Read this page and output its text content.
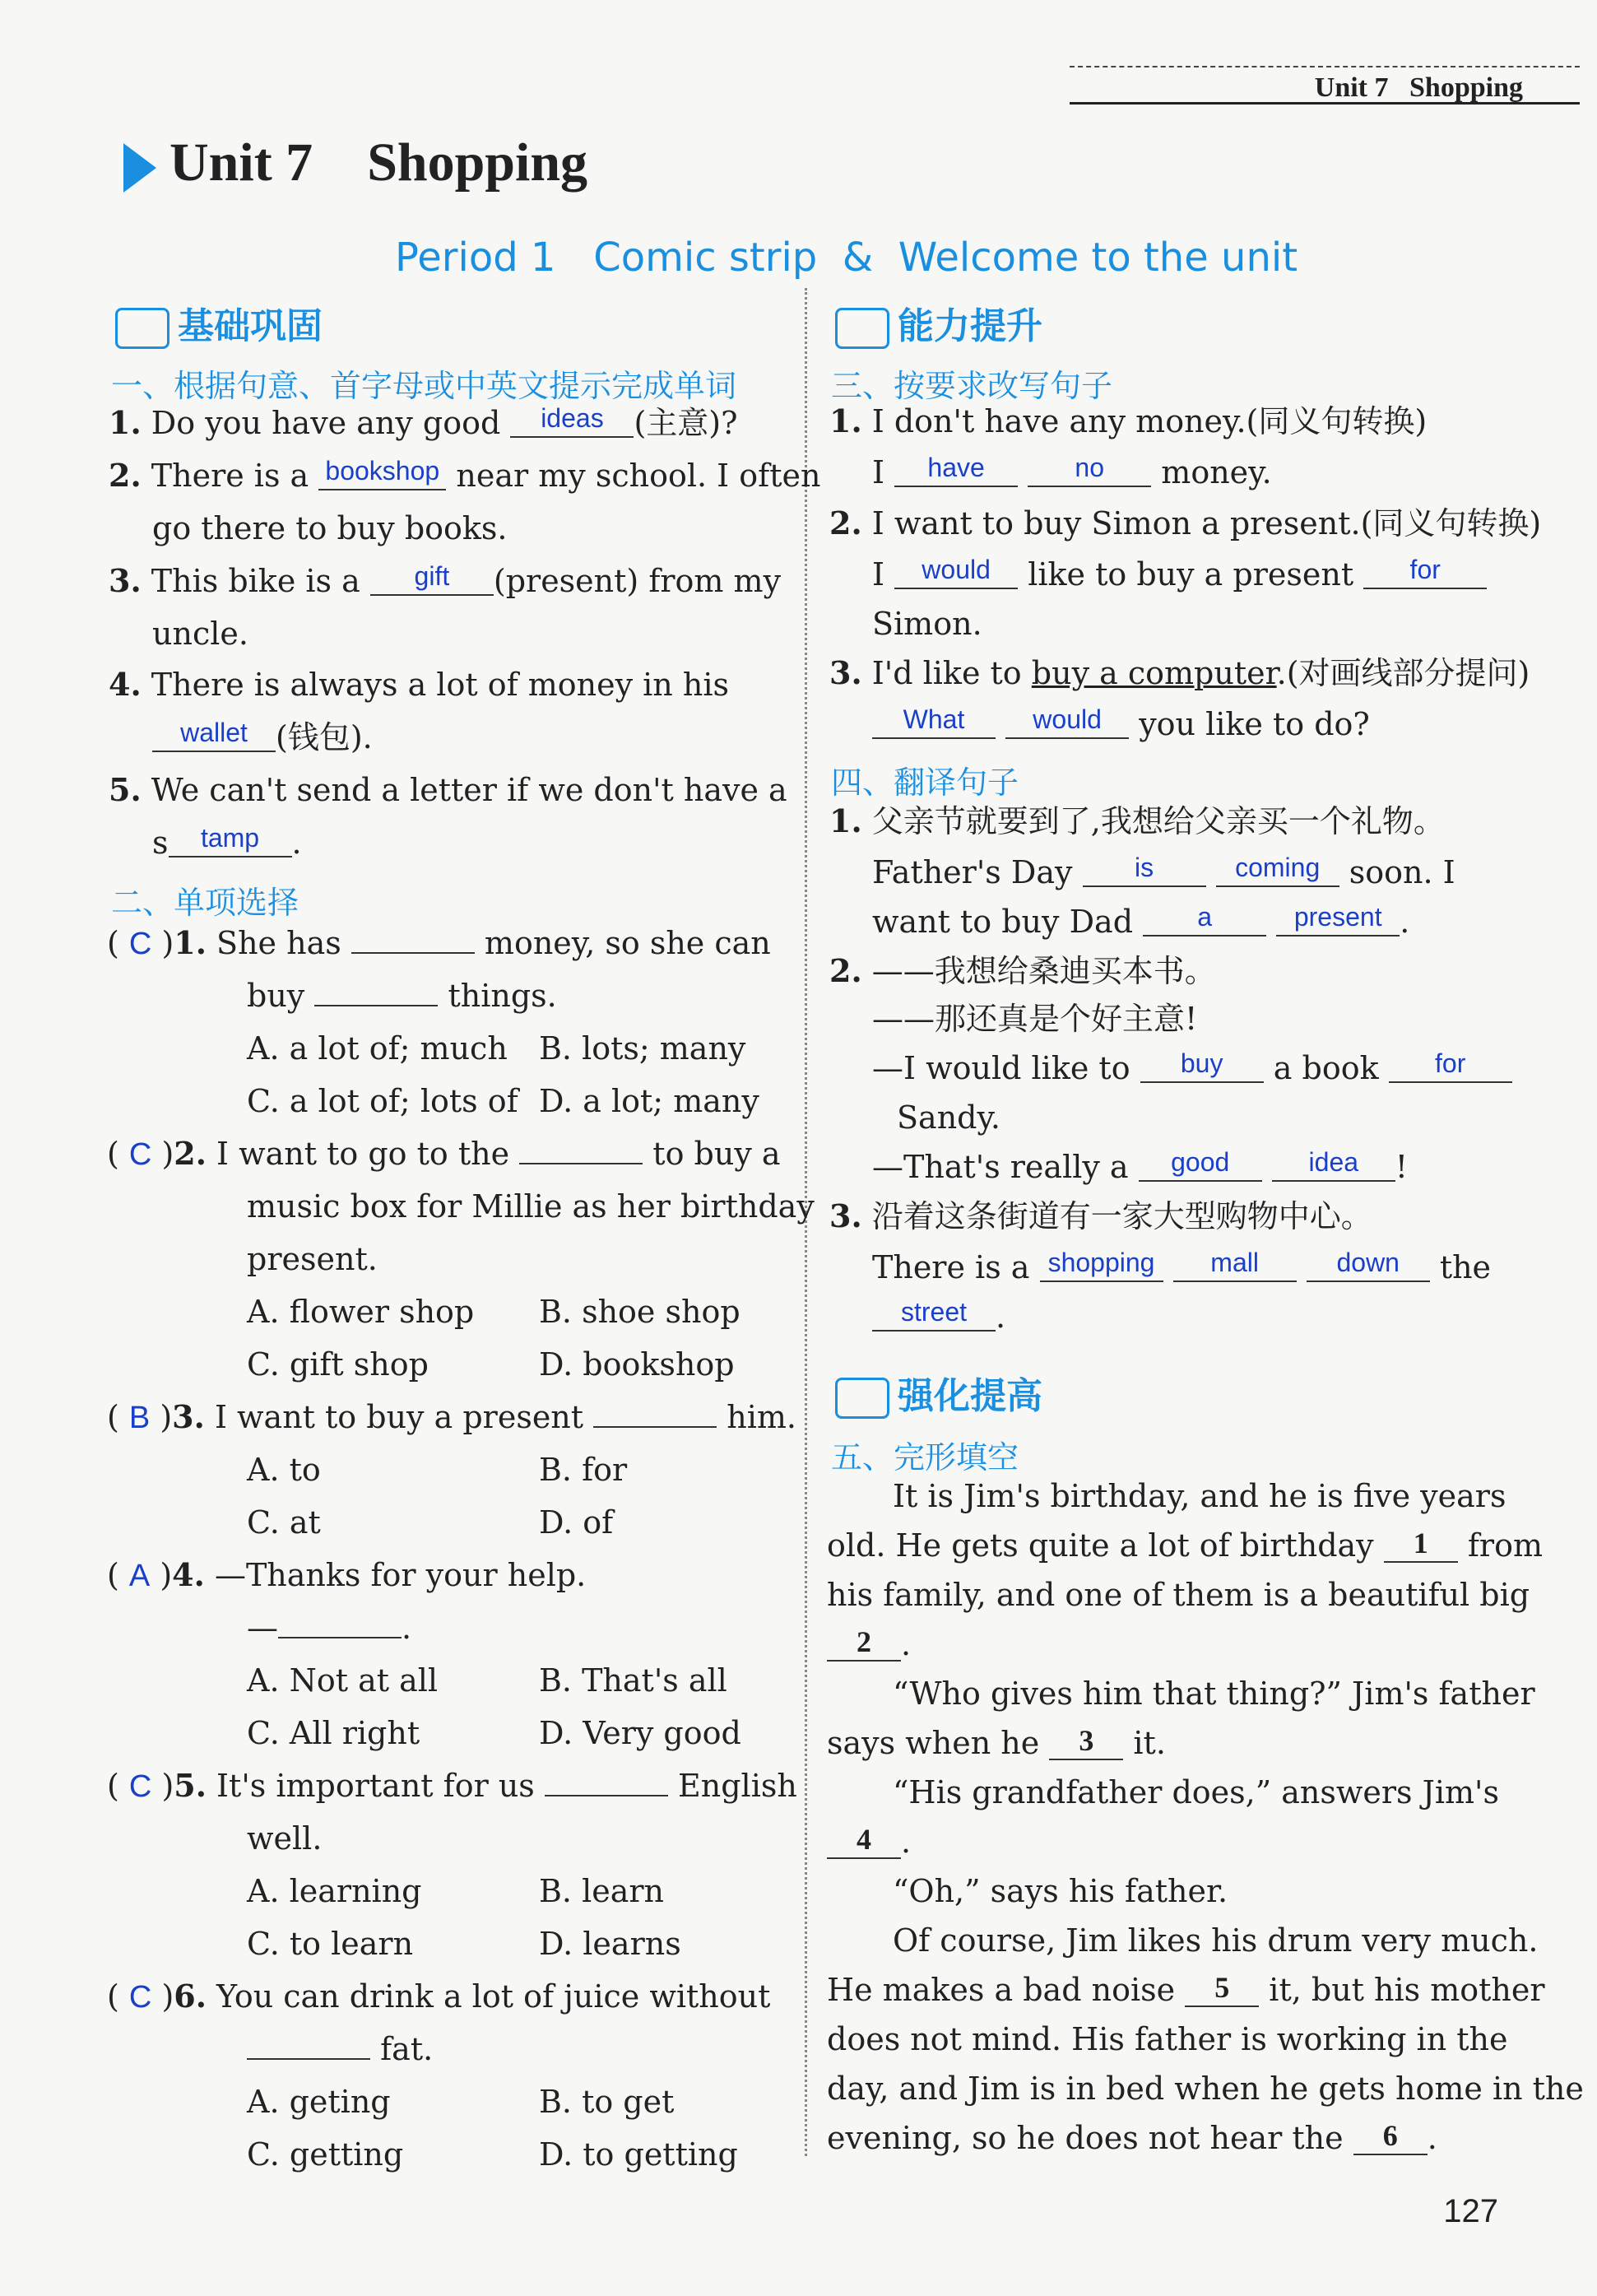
Unit 7 Shopping
Unit 7 Shopping
Period 1 Comic strip & Welcome to the unit
基础巩固
一、根据句意、首字母或中英文提示完成单词
1. Do you have any good ideas (主意)?
2. There is a bookshop near my school. I often
go there to buy books.
3. This bike is a gift (present) from my
uncle.
4. There is always a lot of money in his
wallet (钱包).
5. We can't send a letter if we don't have a
s tamp .
二、单项选择
( C )1. She has	money, so she can
buy	things.
A. a lot of; much B. lots; many
C. a lot of; lots of D. a lot; many
( C )2. I want to go to the	to buy a
music box for Millie as her birthday
present.
A. flower shop B. shoe shop
C. gift shop	D. bookshop
( B )3. I want to buy a present	him.
A. to	B. for
C. at	D. of
( A )4. —Thanks for your help.
—	.
A. Not at all	B. That's all
C. All right	D. Very good
( C )5. It's important for us	English
well.
A. learning	B. learn
C. to learn	D. learns
( C )6. You can drink a lot of juice without
fat.
A. geting	B. to get
C. getting	D. to getting
能力提升
三、按要求改写句子
1. I don't have any money.(同义句转换)
I have	no money.
2. I want to buy Simon a present.(同义句转换)
I would like to buy a present for
Simon.
3. I'd like to buy a computer.(对画线部分提问)
What	would you like to do?
四、翻译句子
1. 父亲节就要到了,我想给父亲买一个礼物。
Father's Day is	coming soon. I
want to buy Dad a	present .
2. ——我想给桑迪买本书。
——那还真是个好主意!
—I would like to buy a book for
Sandy.
—That's really a good	idea !
3. 沿着这条街道有一家大型购物中心。
There is a shopping mall	down the
street .
强化提高
五、完形填空
It is Jim's birthday, and he is five years
old. He gets quite a lot of birthday 1 from
his family, and one of them is a beautiful big
2 .
“Who gives him that thing?” Jim's father
says when he 3 it.
“His grandfather does,” answers Jim's
4 .
“Oh,” says his father.
Of course, Jim likes his drum very much.
He makes a bad noise 5 it, but his mother
does not mind. His father is working in the
day, and Jim is in bed when he gets home in the
evening, so he does not hear the 6 .
127
